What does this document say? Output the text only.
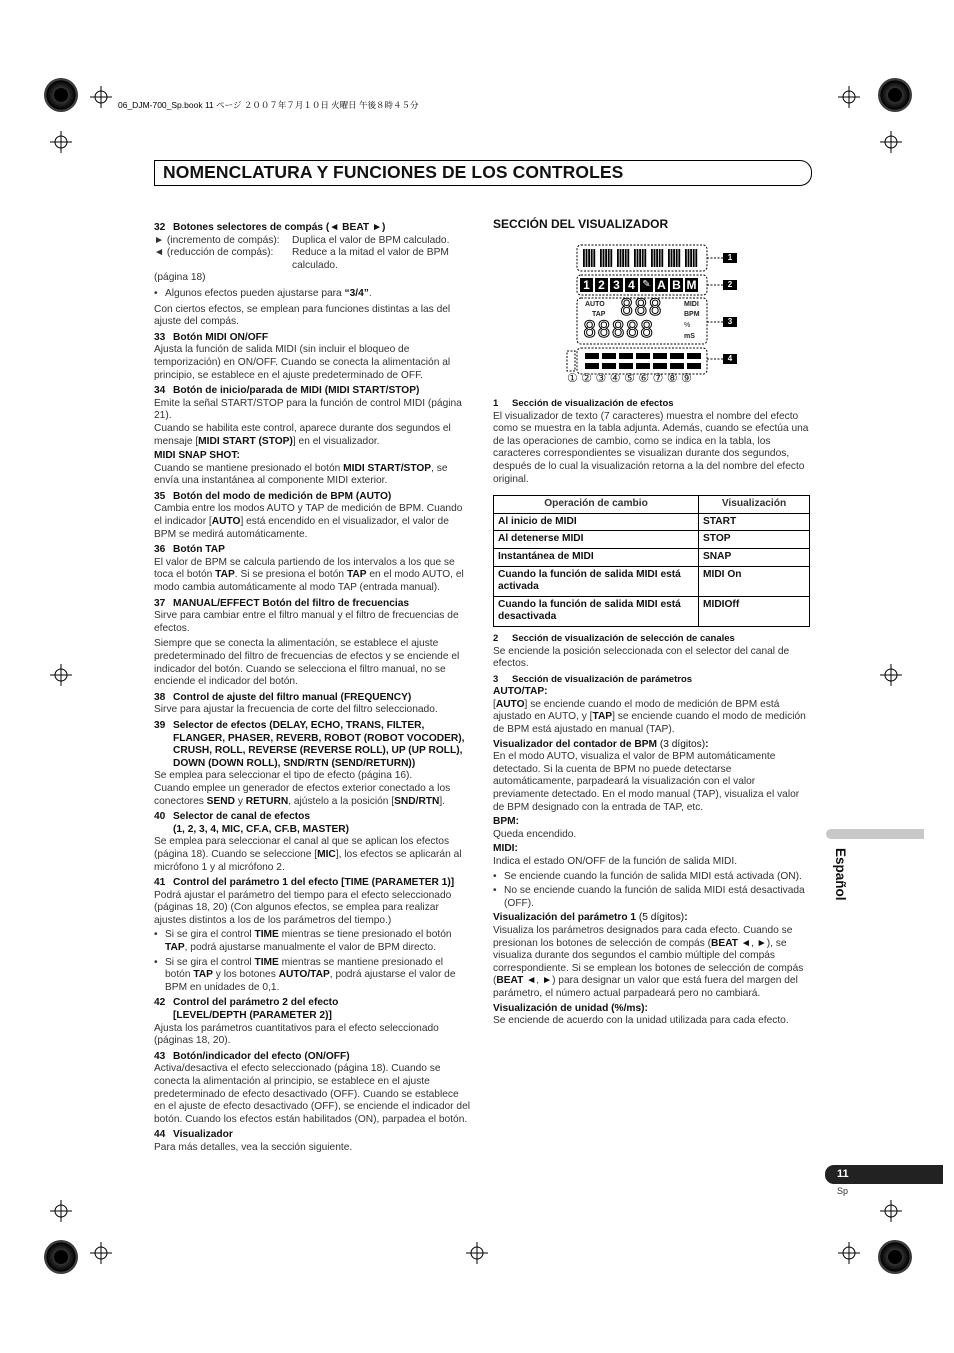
06_DJM-700_Sp.book 11 ページ ２００７年７月１０日 火曜日 午後８時４５分
NOMENCLATURA Y FUNCIONES DE LOS CONTROLES

32 Botones selectores de compás (◄ BEAT ►)

► (incremento de compás):	Duplica el valor de BPM calculado.
◄ (reducción de compás):	Reduce a la mitad el valor de BPM calculado.

(página 18)

• Algunos efectos pueden ajustarse para “3/4”.

Con ciertos efectos, se emplean para funciones distintas a las del ajuste del compás.

33 Botón MIDI ON/OFF

Ajusta la función de salida MIDI (sin incluir el bloqueo de temporización) en ON/OFF. Cuando se conecta la alimentación al principio, se establece en el ajuste predeterminado de OFF.

34 Botón de inicio/parada de MIDI (MIDI START/STOP)

Emite la señal START/STOP para la función de control MIDI (página 21).

Cuando se habilita este control, aparece durante dos segundos el mensaje [MIDI START (STOP)] en el visualizador.

MIDI SNAP SHOT:

Cuando se mantiene presionado el botón MIDI START/STOP, se envía una instantánea al componente MIDI exterior.

35 Botón del modo de medición de BPM (AUTO)

Cambia entre los modos AUTO y TAP de medición de BPM. Cuando el indicador [AUTO] está encendido en el visualizador, el valor de BPM se medirá automáticamente.

36 Botón TAP

El valor de BPM se calcula partiendo de los intervalos a los que se toca el botón TAP. Si se presiona el botón TAP en el modo AUTO, el modo cambia automáticamente al modo TAP (entrada manual).

37 MANUAL/EFFECT Botón del filtro de frecuencias

Sirve para cambiar entre el filtro manual y el filtro de frecuencias de efectos.

Siempre que se conecta la alimentación, se establece el ajuste predeterminado del filtro de frecuencias de efectos y se enciende el indicador del botón. Cuando se selecciona el filtro manual, no se enciende el indicador del botón.

38 Control de ajuste del filtro manual (FREQUENCY)

Sirve para ajustar la frecuencia de corte del filtro seleccionado.

39 Selector de efectos (DELAY, ECHO, TRANS, FILTER, FLANGER, PHASER, REVERB, ROBOT (ROBOT VOCODER), CRUSH, ROLL, REVERSE (REVERSE ROLL), UP (UP ROLL), DOWN (DOWN ROLL), SND/RTN (SEND/RETURN))

Se emplea para seleccionar el tipo de efecto (página 16).

Cuando emplee un generador de efectos exterior conectado a los conectores SEND y RETURN, ajústelo a la posición [SND/RTN].

40 Selector de canal de efectos

(1, 2, 3, 4, MIC, CF.A, CF.B, MASTER)

Se emplea para seleccionar el canal al que se aplican los efectos (página 18). Cuando se seleccione [MIC], los efectos se aplicarán al micrófono 1 y al micrófono 2.

41 Control del parámetro 1 del efecto [TIME (PARAMETER 1)]

Podrá ajustar el parámetro del tiempo para el efecto seleccionado (páginas 18, 20) (Con algunos efectos, se emplea para realizar ajustes distintos a los de los parámetros del tiempo.)

• Si se gira el control TIME mientras se tiene presionado el botón TAP, podrá ajustarse manualmente el valor de BPM directo.

• Si se gira el control TIME mientras se mantiene presionado el botón TAP y los botones AUTO/TAP, podrá ajustarse el valor de BPM en unidades de 0,1.

42 Control del parámetro 2 del efecto

[LEVEL/DEPTH (PARAMETER 2)]

Ajusta los parámetros cuantitativos para el efecto seleccionado (páginas 18, 20).

43 Botón/indicador del efecto (ON/OFF)

Activa/desactiva el efecto seleccionado (página 18). Cuando se conecta la alimentación al principio, se establece en el ajuste predeterminado de efecto desactivado (OFF). Cuando se establece en el ajuste de efecto desactivado (OFF), se enciende el indicador del botón. Cuando los efectos están habilitados (ON), parpadea el botón.

44 Visualizador

Para más detalles, vea la sección siguiente.

SECCIÓN DEL VISUALIZADOR
1 2 3 4 ✎ A B M
AUTO
TAP
MIDI
BPM
%
mS
888
88888
1
2
3
4
① ② ③ ④ ⑤ ⑥ ⑦ ⑧ ⑨

1 Sección de visualización de efectos

El visualizador de texto (7 caracteres) muestra el nombre del efecto como se muestra en la tabla adjunta. Además, cuando se efectúa una de las operaciones de cambio, como se indica en la tabla, los caracteres correspondientes se visualizan durante dos segundos, después de lo cual la visualización retorna a la del nombre del efecto original.

Operación de cambio	Visualización
Al inicio de MIDI	START
Al detenerse MIDI	STOP
Instantánea de MIDI	SNAP
Cuando la función de salida MIDI está activada	MIDI On
Cuando la función de salida MIDI está desactivada	MIDIOff

2 Sección de visualización de selección de canales

Se enciende la posición seleccionada con el selector del canal de efectos.

3 Sección de visualización de parámetros

AUTO/TAP:

[AUTO] se enciende cuando el modo de medición de BPM está ajustado en AUTO, y [TAP] se enciende cuando el modo de medición de BPM está ajustado en manual (TAP).

Visualizador del contador de BPM (3 dígitos):

En el modo AUTO, visualiza el valor de BPM automáticamente detectado. Si la cuenta de BPM no puede detectarse automáticamente, parpadeará la visualización con el valor previamente detectado. En el modo manual (TAP), visualiza el valor de BPM designado con la entrada de TAP, etc.

BPM:

Queda encendido.

MIDI:

Indica el estado ON/OFF de la función de salida MIDI.

• Se enciende cuando la función de salida MIDI está activada (ON).

• No se enciende cuando la función de salida MIDI está desactivada (OFF).

Visualización del parámetro 1 (5 dígitos):

Visualiza los parámetros designados para cada efecto. Cuando se presionan los botones de selección de compás (BEAT ◄, ►), se visualiza durante dos segundos el cambio múltiple del compás correspondiente. Si se emplean los botones de selección de compás (BEAT ◄, ►) para designar un valor que está fuera del margen del parámetro, el número actual parpadeará pero no cambiará.

Visualización de unidad (%/ms):

Se enciende de acuerdo con la unidad utilizada para cada efecto.

Español
11
Sp
